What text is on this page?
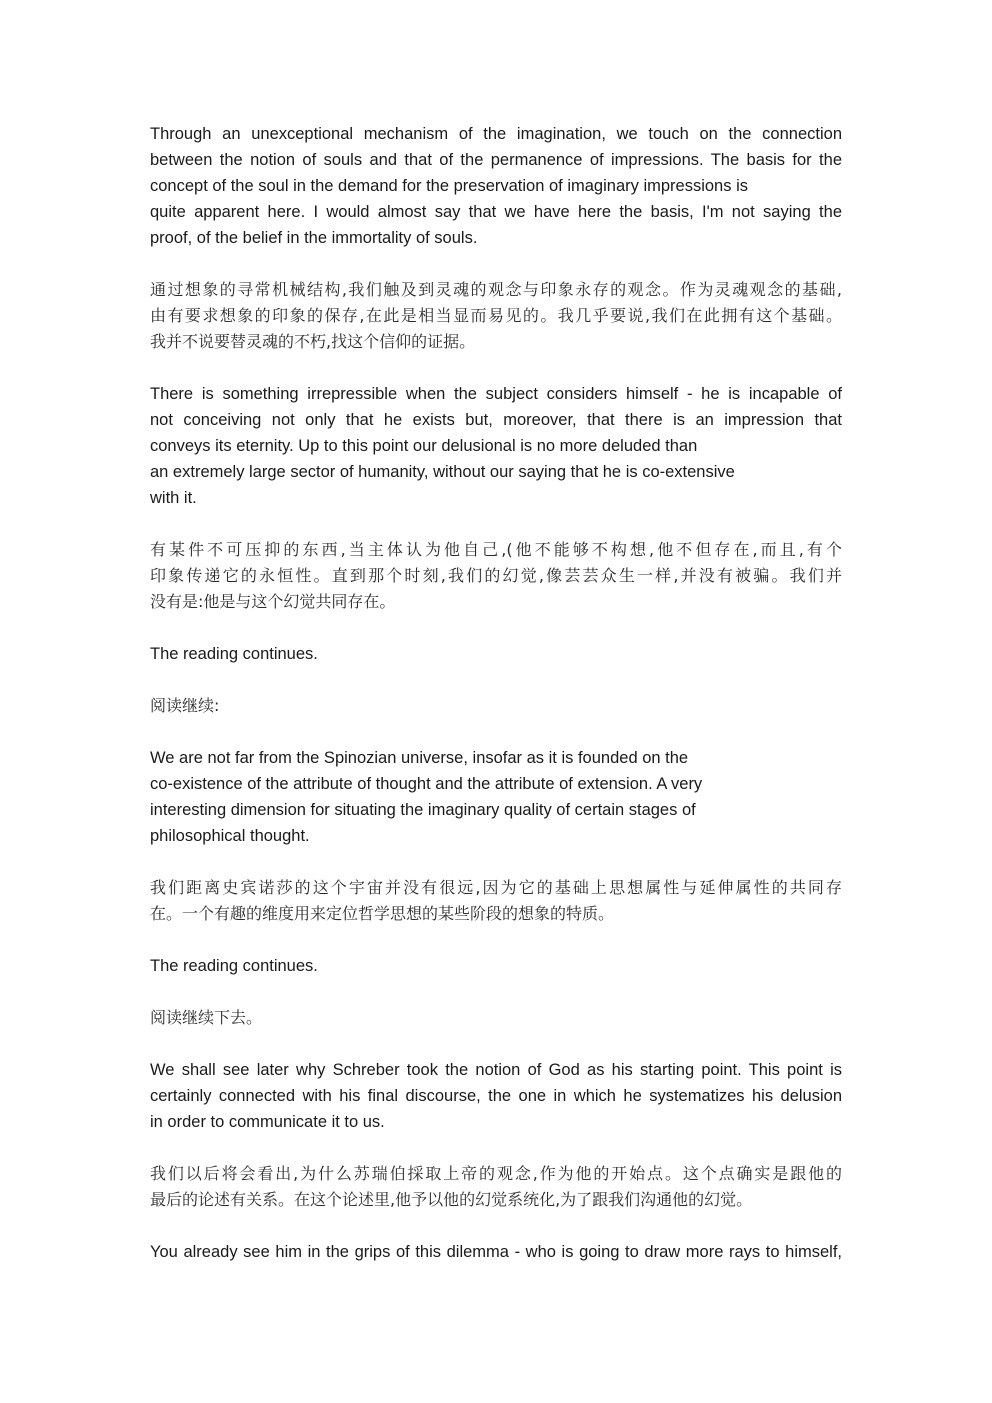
Through an unexceptional mechanism of the imagination, we touch on the connection
between the notion of souls and that of the permanence of impressions. The basis for the
concept of the soul in the demand for the preservation of imaginary impressions is
quite apparent here. I would almost say that we have here the basis, I'm not saying the
proof, of the belief in the immortality of souls.

通过想象的寻常机械结构,我们触及到灵魂的观念与印象永存的观念。作为灵魂观念的基础,
由有要求想象的印象的保存,在此是相当显而易见的。我几乎要说,我们在此拥有这个基础。
我并不说要替灵魂的不朽,找这个信仰的证据。

There is something irrepressible when the subject considers himself - he is incapable of
not conceiving not only that he exists but, moreover, that there is an impression that
conveys its eternity. Up to this point our delusional is no more deluded than
an extremely large sector of humanity, without our saying that he is co-extensive
with it.

有某件不可压抑的东西,当主体认为他自己,(他不能够不构想,他不但存在,而且,有个
印象传递它的永恒性。直到那个时刻,我们的幻觉,像芸芸众生一样,并没有被骗。我们并
没有是:他是与这个幻觉共同存在。

The reading continues.

阅读继续:

We are not far from the Spinozian universe, insofar as it is founded on the
co-existence of the attribute of thought and the attribute of extension. A very
interesting dimension for situating the imaginary quality of certain stages of
philosophical thought.

我们距离史宾诺莎的这个宇宙并没有很远,因为它的基础上思想属性与延伸属性的共同存
在。一个有趣的维度用来定位哲学思想的某些阶段的想象的特质。

The reading continues.

阅读继续下去。

We shall see later why Schreber took the notion of God as his starting point. This point is
certainly connected with his final discourse, the one in which he systematizes his delusion
in order to communicate it to us.

我们以后将会看出,为什么苏瑞伯採取上帝的观念,作为他的开始点。这个点确实是跟他的
最后的论述有关系。在这个论述里,他予以他的幻觉系统化,为了跟我们沟通他的幻觉。

You already see him in the grips of this dilemma - who is going to draw more rays to himself,
